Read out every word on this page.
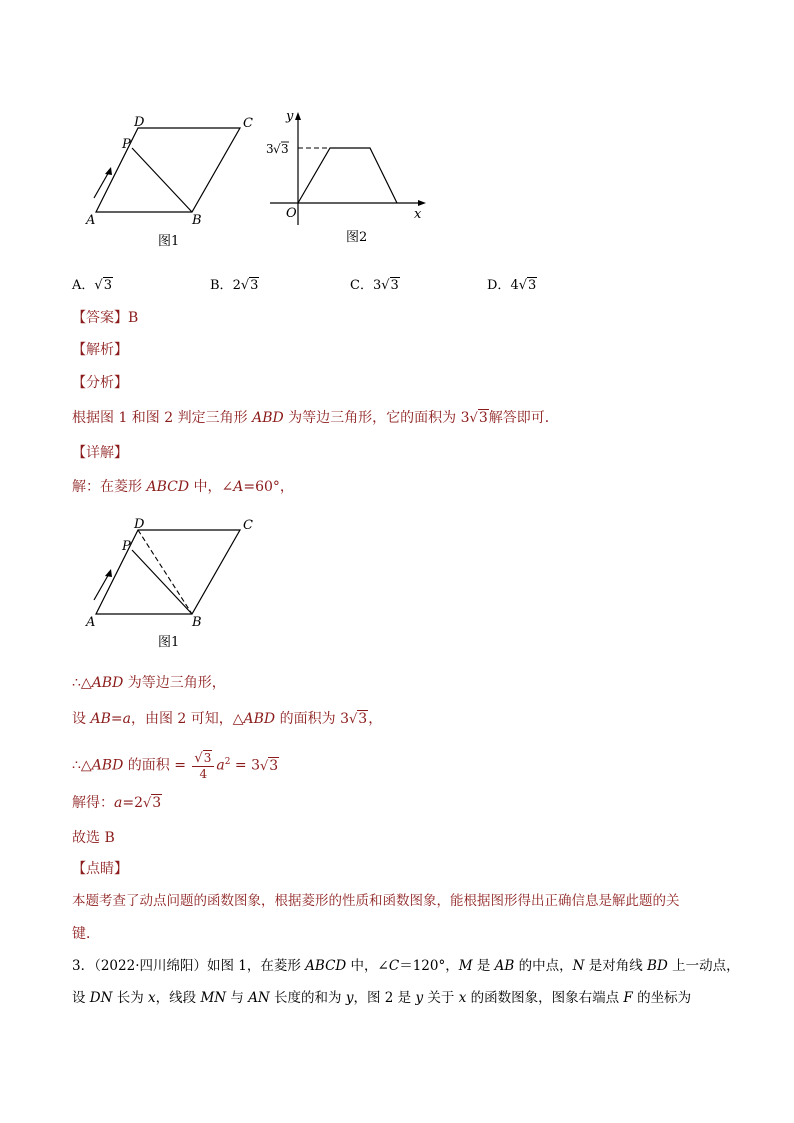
A	B
C
D
P
图1
y
x
O
3 √ 3
图2
A．√3	B．2√3	C．3√3	D．4√3
【答案】B
【解析】
【分析】
根据图 1 和图 2 判定三角形 ABD 为等边三角形，它的面积为 3√3解答即可．
【详解】
解：在菱形 ABCD 中，∠A=60°，
A	B
C
D
P
图1
∴△ABD 为等边三角形，
设 AB=a，由图 2 可知，△ABD 的面积为 3√3，
∴△ABD 的面积 = $\frac{√3}{4} a^2 = 3√3$
解得：a=2√3
故选 B
【点睛】
本题考查了动点问题的函数图象，根据菱形的性质和函数图象，能根据图形得出正确信息是解此题的关
键．
3．（2022·四川绵阳）如图 1，在菱形 ABCD 中，∠C＝120°，M 是 AB 的中点，N 是对角线 BD 上一动点，
设 DN 长为 x，线段 MN 与 AN 长度的和为 y，图 2 是 y 关于 x 的函数图象，图象右端点 F 的坐标为
